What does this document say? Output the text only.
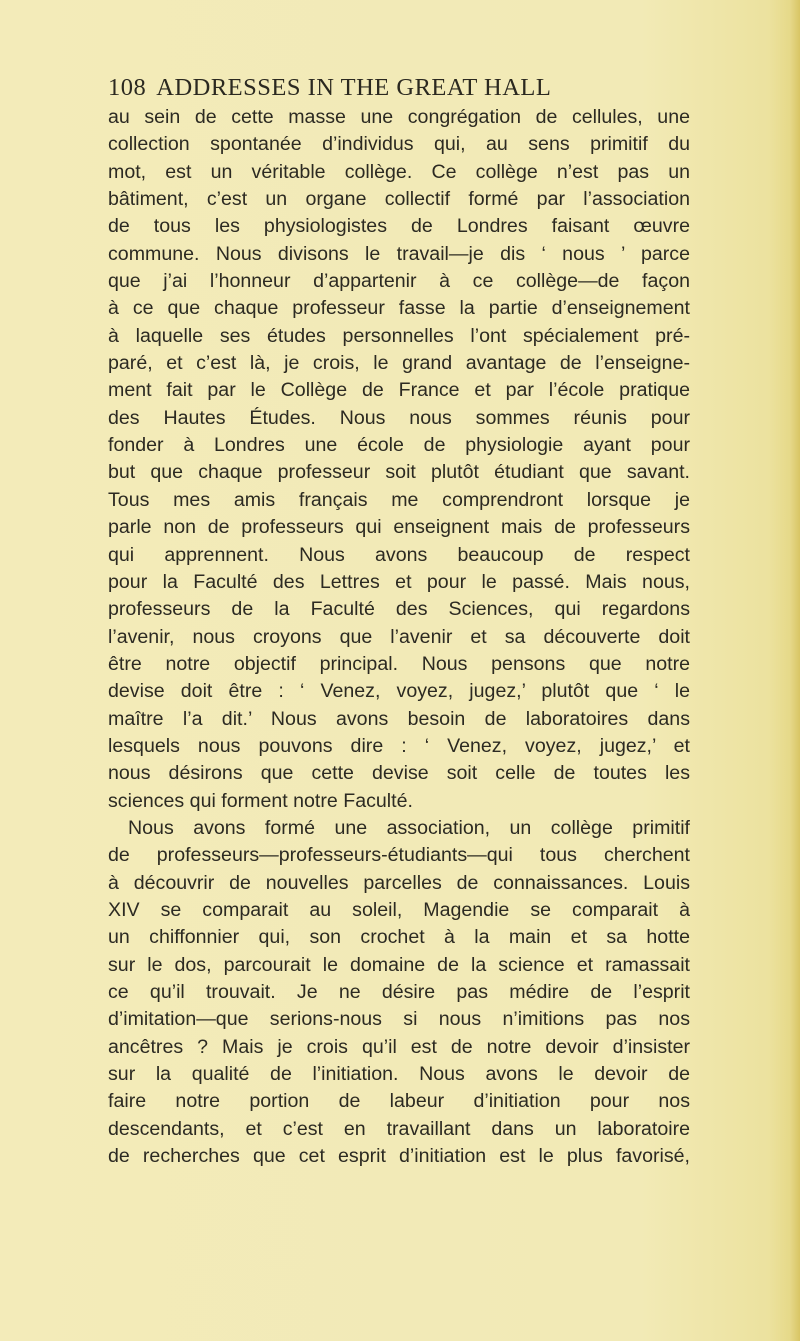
108 ADDRESSES IN THE GREAT HALL
au sein de cette masse une congrégation de cellules, une
collection spontanée d’individus qui, au sens primitif du
mot, est un véritable collège. Ce collège n’est pas un
bâtiment, c’est un organe collectif formé par l’association
de tous les physiologistes de Londres faisant œuvre
commune. Nous divisons le travail—je dis ‘ nous ’ parce
que j’ai l’honneur d’appartenir à ce collège—de façon
à ce que chaque professeur fasse la partie d’enseignement
à laquelle ses études personnelles l’ont spécialement pré-
paré, et c’est là, je crois, le grand avantage de l’enseigne-
ment fait par le Collège de France et par l’école pratique
des Hautes Études. Nous nous sommes réunis pour
fonder à Londres une école de physiologie ayant pour
but que chaque professeur soit plutôt étudiant que savant.
Tous mes amis français me comprendront lorsque je
parle non de professeurs qui enseignent mais de professeurs
qui apprennent. Nous avons beaucoup de respect
pour la Faculté des Lettres et pour le passé. Mais nous,
professeurs de la Faculté des Sciences, qui regardons
l’avenir, nous croyons que l’avenir et sa découverte doit
être notre objectif principal. Nous pensons que notre
devise doit être : ‘ Venez, voyez, jugez,’ plutôt que ‘ le
maître l’a dit.’ Nous avons besoin de laboratoires dans
lesquels nous pouvons dire : ‘ Venez, voyez, jugez,’ et
nous désirons que cette devise soit celle de toutes les
sciences qui forment notre Faculté.
Nous avons formé une association, un collège primitif
de professeurs—professeurs-étudiants—qui tous cherchent
à découvrir de nouvelles parcelles de connaissances. Louis
XIV se comparait au soleil, Magendie se comparait à
un chiffonnier qui, son crochet à la main et sa hotte
sur le dos, parcourait le domaine de la science et ramassait
ce qu’il trouvait. Je ne désire pas médire de l’esprit
d’imitation—que serions-nous si nous n’imitions pas nos
ancêtres ? Mais je crois qu’il est de notre devoir d’insister
sur la qualité de l’initiation. Nous avons le devoir de
faire notre portion de labeur d’initiation pour nos
descendants, et c’est en travaillant dans un laboratoire
de recherches que cet esprit d’initiation est le plus favorisé,
